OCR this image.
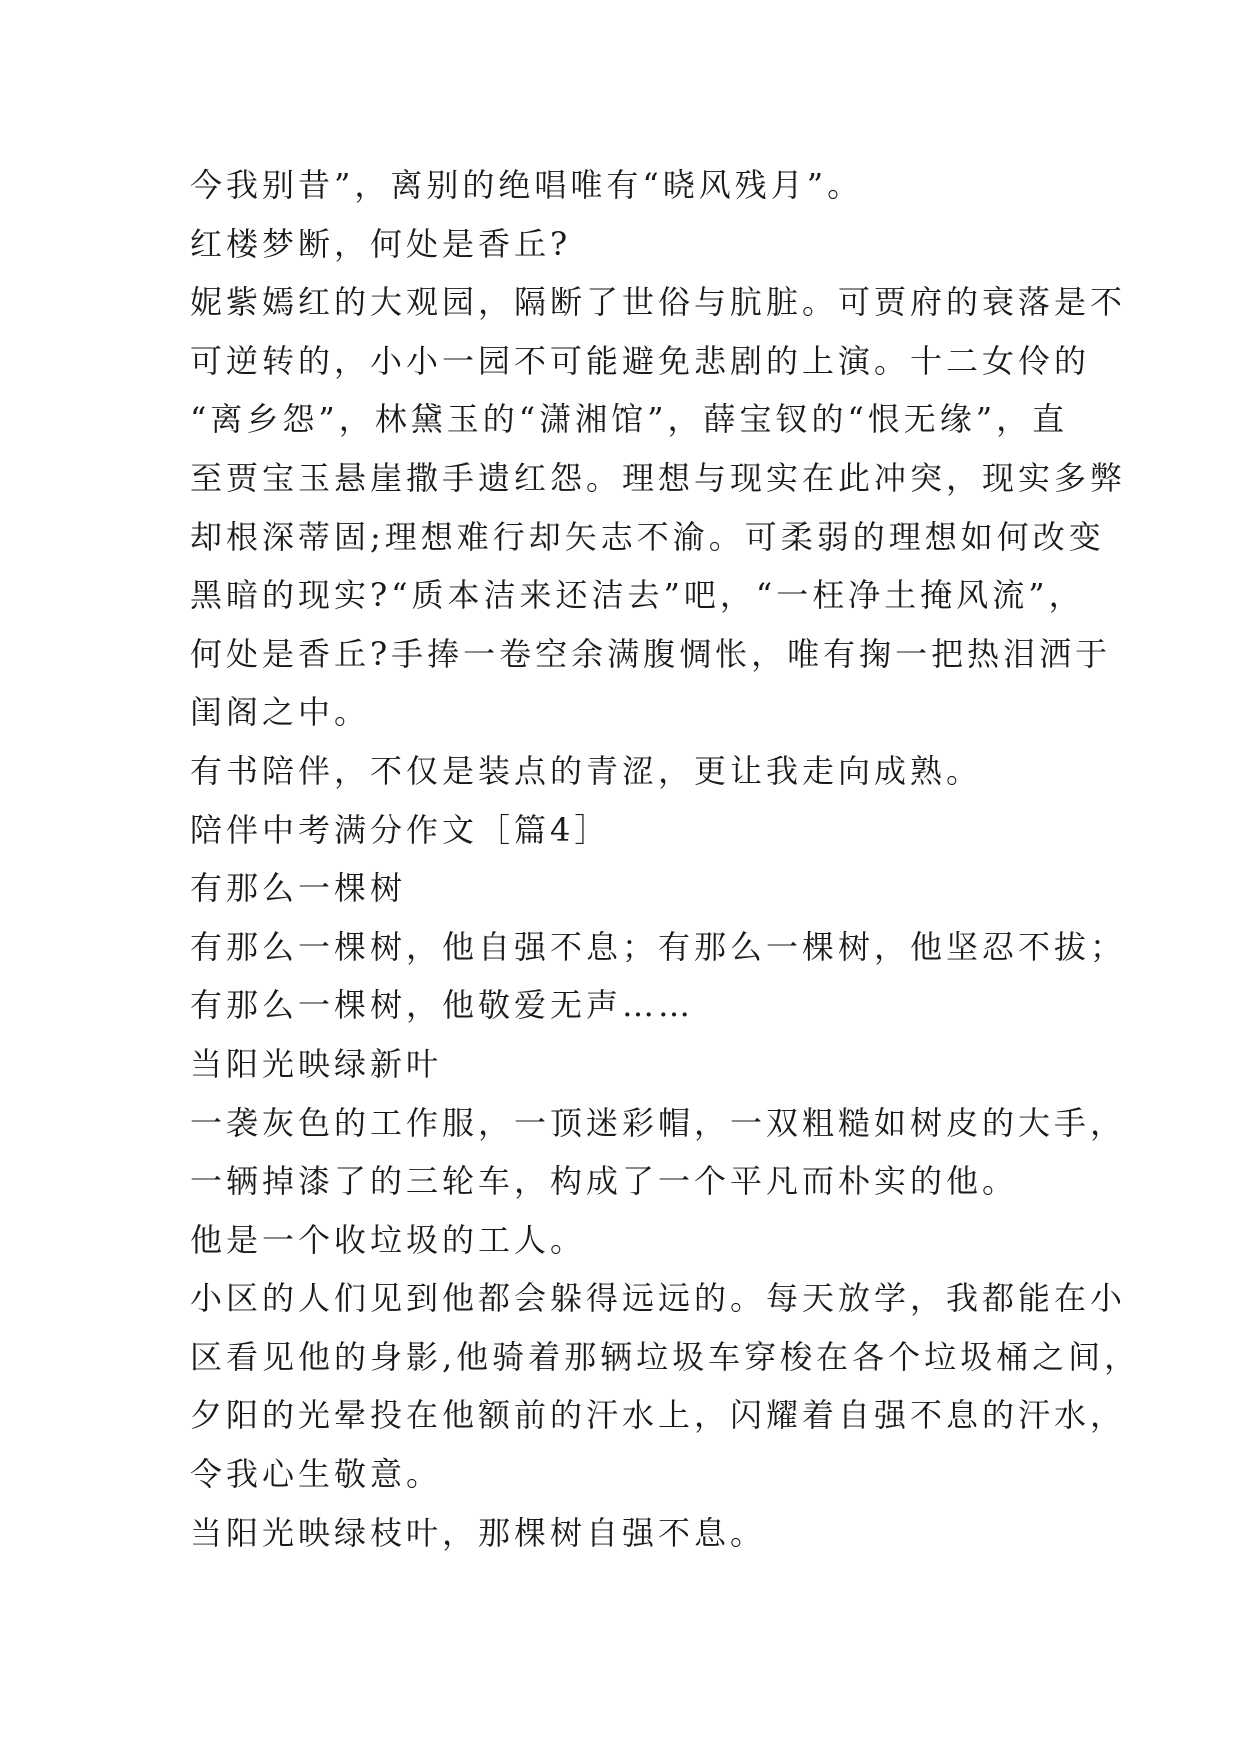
今我别昔”，离别的绝唱唯有“晓风残月”。
红楼梦断，何处是香丘?
妮紫嫣红的大观园，隔断了世俗与肮脏。可贾府的衰落是不
可逆转的，小小一园不可能避免悲剧的上演。十二女伶的
“离乡怨”，林黛玉的“潇湘馆”，薛宝钗的“恨无缘”，直
至贾宝玉悬崖撒手遗红怨。理想与现实在此冲突，现实多弊
却根深蒂固;理想难行却矢志不渝。可柔弱的理想如何改变
黑暗的现实?“质本洁来还洁去”吧，“一枉净土掩风流”，
何处是香丘?手捧一卷空余满腹惆怅，唯有掬一把热泪洒于
闺阁之中。
有书陪伴，不仅是装点的青涩，更让我走向成熟。
陪伴中考满分作文［篇4］
有那么一棵树
有那么一棵树，他自强不息；有那么一棵树，他坚忍不拔；
有那么一棵树，他敬爱无声……
当阳光映绿新叶
一袭灰色的工作服，一顶迷彩帽，一双粗糙如树皮的大手，
一辆掉漆了的三轮车，构成了一个平凡而朴实的他。
他是一个收垃圾的工人。
小区的人们见到他都会躲得远远的。每天放学，我都能在小
区看见他的身影,他骑着那辆垃圾车穿梭在各个垃圾桶之间，
夕阳的光晕投在他额前的汗水上，闪耀着自强不息的汗水，
令我心生敬意。
当阳光映绿枝叶，那棵树自强不息。
